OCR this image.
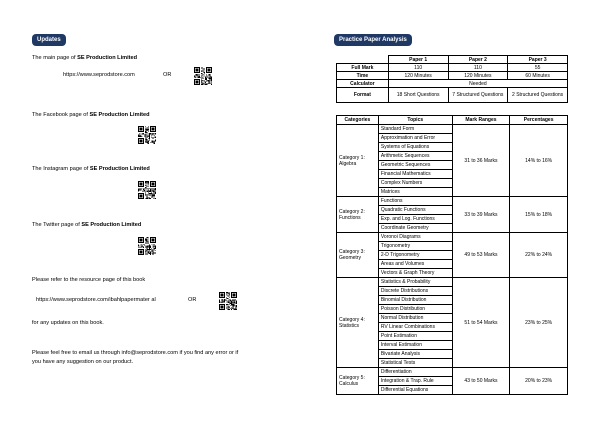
Updates
The main page of SE Production Limited
https://www.seprodstore.com	OR
The Facebook page of SE Production Limited
The Instagram page of SE Production Limited
The Twitter page of SE Production Limited
Please refer to the resource page of this book
https://www.seprodstore.com/ibahlpapermater al	OR
for any updates on this book.
Please feel free to email us through info@seprodstore.com if you find any error or if
you have any suggestion on our product.
Practice Paper Analysis
	Paper 1	Paper 2	Paper 3
Full Mark	110	110	55
Time	120 Minutes	120 Minutes	60 Minutes
Calculator	Needed		
Format	18 Short Questions	7 Structured Questions	2 Structured Questions
Categories	Topics	Mark Ranges	Percentages
Category 1: Algebra	Standard Form	31 to 36 Marks	14% to 16%
	Approximation and Error		
	Systems of Equations		
	Arithmetic Sequences		
	Geometric Sequences		
	Financial Mathematics		
	Complex Numbers		
	Matrices		
Category 2: Functions	Functions	33 to 39 Marks	15% to 18%
	Quadratic Functions		
	Exp. and Log. Functions		
	Coordinate Geometry		
Category 3: Geometry	Voronoi Diagrams	49 to 53 Marks	22% to 24%
	Trigonometry		
	2-D Trigonometry		
	Areas and Volumes		
	Vectors & Graph Theory		
Category 4: Statistics	Statistics & Probability	51 to 54 Marks	23% to 25%
	Discrete Distributions		
	Binomial Distribution		
	Poisson Distribution		
	Normal Distribution		
	RV Linear Combinations		
	Point Estimation		
	Interval Estimation		
	Bivariate Analysis		
	Statistical Tests		
Category 5: Calculus	Differentiation	43 to 50 Marks	20% to 23%
	Integration & Trap. Rule		
	Differential Equations		
